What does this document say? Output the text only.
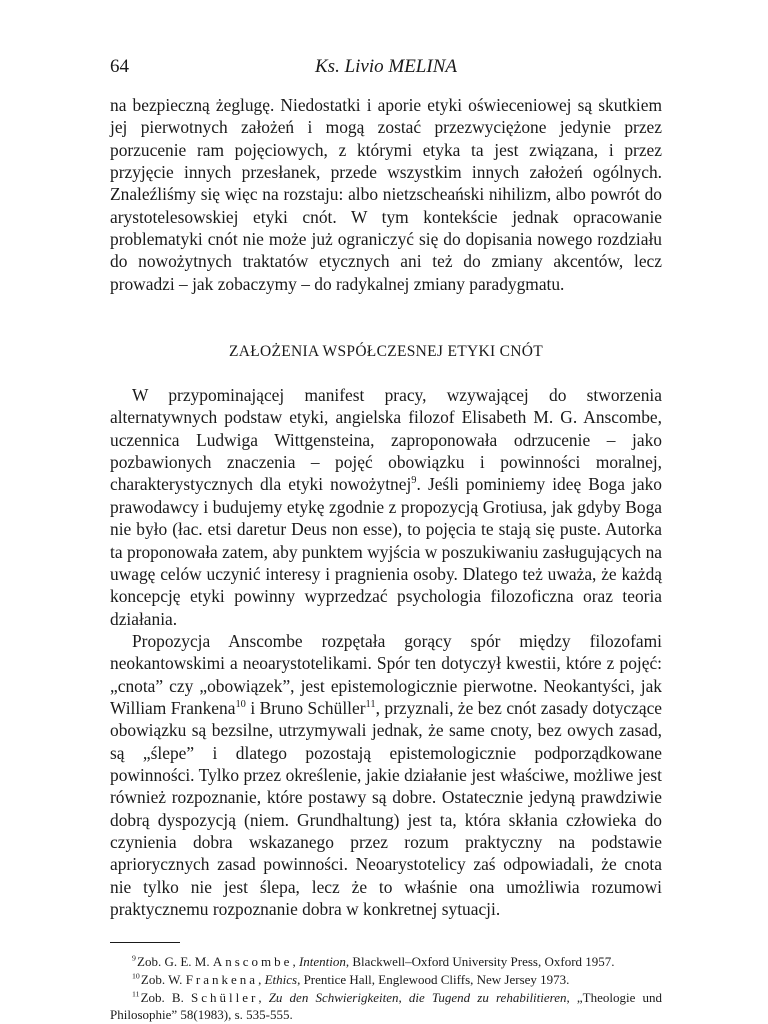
64	Ks. Livio MELINA

na bezpieczną żeglugę. Niedostatki i aporie etyki oświeceniowej są skutkiem jej pierwotnych założeń i mogą zostać przezwyciężone jedynie przez porzucenie ram pojęciowych, z którymi etyka ta jest związana, i przez przyjęcie innych przesłanek, przede wszystkim innych założeń ogólnych. Znaleźliśmy się więc na rozstaju: albo nietzscheański nihilizm, albo powrót do arystotelesowskiej etyki cnót. W tym kontekście jednak opracowanie problematyki cnót nie może już ograniczyć się do dopisania nowego rozdziału do nowożytnych traktatów etycznych ani też do zmiany akcentów, lecz prowadzi – jak zobaczymy – do radykalnej zmiany paradygmatu.

ZAŁOŻENIA WSPÓŁCZESNEJ ETYKI CNÓT

W przypominającej manifest pracy, wzywającej do stworzenia alternatywnych podstaw etyki, angielska filozof Elisabeth M. G. Anscombe, uczennica Ludwiga Wittgensteina, zaproponowała odrzucenie – jako pozbawionych znaczenia – pojęć obowiązku i powinności moralnej, charakterystycznych dla etyki nowożytnej$^9$. Jeśli pominiemy ideę Boga jako prawodawcy i budujemy etykę zgodnie z propozycją Grotiusa, jak gdyby Boga nie było (łac. etsi daretur Deus non esse), to pojęcia te stają się puste. Autorka ta proponowała zatem, aby punktem wyjścia w poszukiwaniu zasługujących na uwagę celów uczynić interesy i pragnienia osoby. Dlatego też uważa, że każdą koncepcję etyki powinny wyprzedzać psychologia filozoficzna oraz teoria działania.

Propozycja Anscombe rozpętała gorący spór między filozofami neokantowskimi a neoarystotelikami. Spór ten dotyczył kwestii, które z pojęć: „cnota” czy „obowiązek”, jest epistemologicznie pierwotne. Neokantyści, jak William Frankena$^{10}$ i Bruno Schüller$^{11}$, przyznali, że bez cnót zasady dotyczące obowiązku są bezsilne, utrzymywali jednak, że same cnoty, bez owych zasad, są „ślepe” i dlatego pozostają epistemologicznie podporządkowane powinności. Tylko przez określenie, jakie działanie jest właściwe, możliwe jest również rozpoznanie, które postawy są dobre. Ostatecznie jedyną prawdziwie dobrą dyspozycją (niem. Grundhaltung) jest ta, która skłania człowieka do czynienia dobra wskazanego przez rozum praktyczny na podstawie apriorycznych zasad powinności. Neoarystotelicy zaś odpowiadali, że cnota nie tylko nie jest ślepa, lecz że to właśnie ona umożliwia rozumowi praktycznemu rozpoznanie dobra w konkretnej sytuacji.

$^9$ Zob. G. E. M. Anscombe, Intention, Blackwell–Oxford University Press, Oxford 1957.

$^{10}$ Zob. W. Frankena, Ethics, Prentice Hall, Englewood Cliffs, New Jersey 1973.

$^{11}$ Zob. B. Schüller, Zu den Schwierigkeiten, die Tugend zu rehabilitieren, „Theologie und Philosophie” 58(1983), s. 535-555.
